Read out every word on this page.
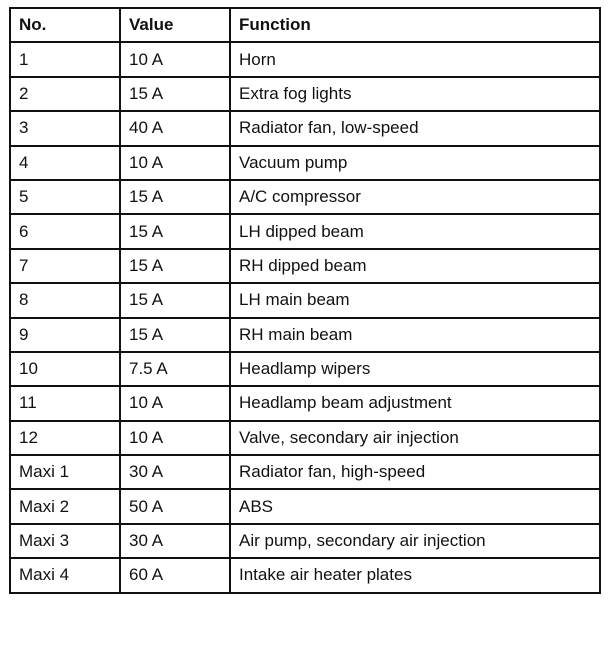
No.	Value	Function
1	10 A	Horn
2	15 A	Extra fog lights
3	40 A	Radiator fan, low-speed
4	10 A	Vacuum pump
5	15 A	A/C compressor
6	15 A	LH dipped beam
7	15 A	RH dipped beam
8	15 A	LH main beam
9	15 A	RH main beam
10	7.5 A	Headlamp wipers
11	10 A	Headlamp beam adjustment
12	10 A	Valve, secondary air injection
Maxi 1	30 A	Radiator fan, high-speed
Maxi 2	50 A	ABS
Maxi 3	30 A	Air pump, secondary air injection
Maxi 4	60 A	Intake air heater plates
